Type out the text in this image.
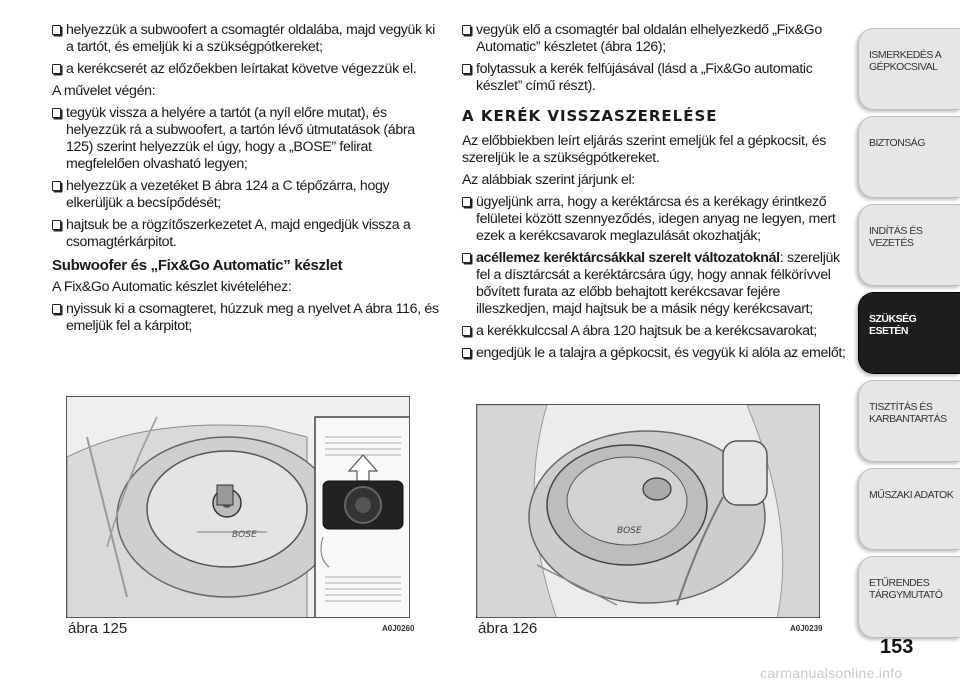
helyezzük a subwoofert a csomagtér oldalába, majd vegyük ki a tartót, és emeljük ki a szükségpótkereket;
a kerékcserét az előzőekben leírtakat követve végezzük el.
A művelet végén:
tegyük vissza a helyére a tartót (a nyíl előre mutat), és helyezzük rá a subwoofert, a tartón lévő útmutatások (ábra 125) szerint helyezzük el úgy, hogy a „BOSE” felirat megfelelően olvasható legyen;
helyezzük a vezetéket B ábra 124 a C tépőzárra, hogy elkerüljük a becsípődését;
hajtsuk be a rögzítőszerkezetet A, majd engedjük vissza a csomagtérkárpitot.
Subwoofer és „Fix&Go Automatic” készlet
A Fix&Go Automatic készlet kivételéhez:
nyissuk ki a csomagteret, húzzuk meg a nyelvet A ábra 116, és emeljük fel a kárpitot;
vegyük elő a csomagtér bal oldalán elhelyezkedő „Fix&Go Automatic” készletet (ábra 126);
folytassuk a kerék felfújásával (lásd a „Fix&Go automatic készlet” című részt).
A KERÉK VISSZASZERELÉSE
Az előbbiekben leírt eljárás szerint emeljük fel a gépkocsit, és szereljük le a szükségpótkereket.
Az alábbiak szerint járjunk el:
ügyeljünk arra, hogy a keréktárcsa és a kerékagy érintkező felületei között szennyeződés, idegen anyag ne legyen, mert ezek a kerékcsavarok meglazulását okozhatják;
acéllemez keréktárcsákkal szerelt változatoknál: szereljük fel a dísztárcsát a keréktárcsára úgy, hogy annak félkörívvel bővített furata az előbb behajtott kerékcsavar fejére illeszkedjen, majd hajtsuk be a másik négy kerékcsavart;
a kerékkulccsal A ábra 120 hajtsuk be a kerékcsavarokat;
engedjük le a talajra a gépkocsit, és vegyük ki alóla az emelőt;
BOSE
ábra 125	A0J0260
BOSE
ábra 126	A0J0239
ISMERKEDÉS A GÉPKOCSIVAL
BIZTONSÁG
INDÍTÁS ÉS VEZETÉS
SZÜKSÉG ESETÉN
TISZTÍTÁS ÉS KARBANTARTÁS
MŰSZAKI ADATOK
ETŰRENDES TÁRGYMUTATÓ
153
carmanualsonline.info
